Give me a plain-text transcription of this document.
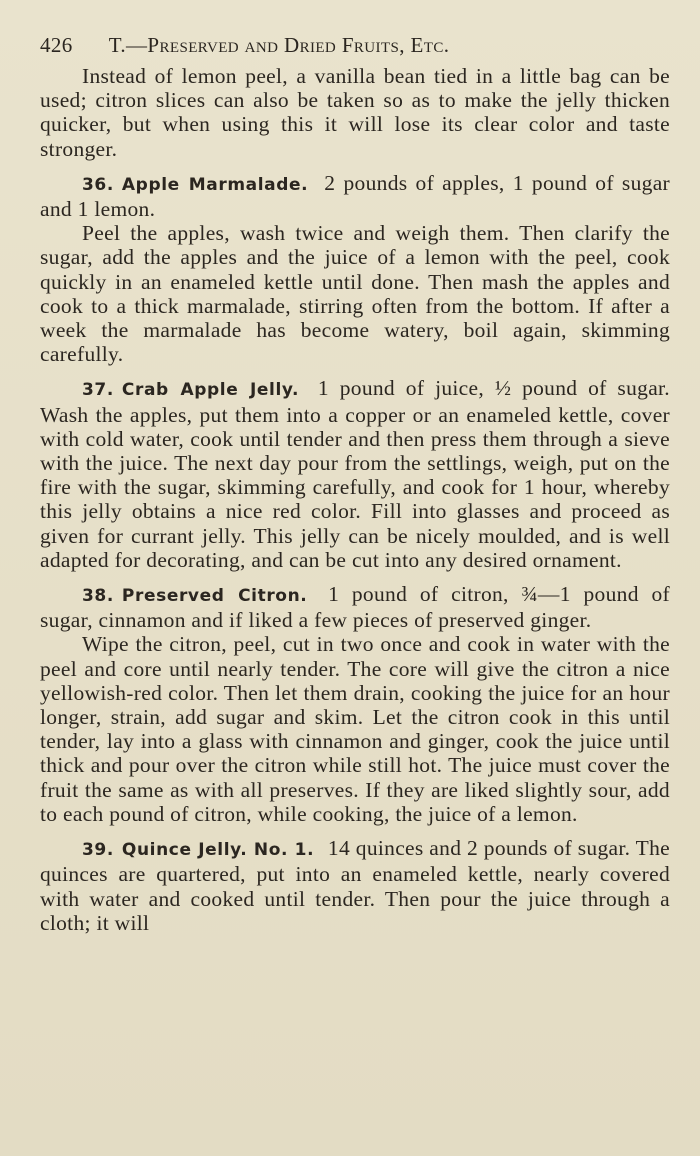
426 T.—Preserved and Dried Fruits, Etc.

Instead of lemon peel, a vanilla bean tied in a little bag can be used; citron slices can also be taken so as to make the jelly thicken quicker, but when using this it will lose its clear color and taste stronger.

36. Apple Marmalade. 2 pounds of apples, 1 pound of sugar and 1 lemon.

Peel the apples, wash twice and weigh them. Then clarify the sugar, add the apples and the juice of a lemon with the peel, cook quickly in an enameled kettle until done. Then mash the apples and cook to a thick marmalade, stirring often from the bottom. If after a week the marmalade has become watery, boil again, skimming carefully.

37. Crab Apple Jelly. 1 pound of juice, ½ pound of sugar. Wash the apples, put them into a copper or an enameled kettle, cover with cold water, cook until tender and then press them through a sieve with the juice. The next day pour from the settlings, weigh, put on the fire with the sugar, skimming carefully, and cook for 1 hour, whereby this jelly obtains a nice red color. Fill into glasses and proceed as given for currant jelly. This jelly can be nicely moulded, and is well adapted for decorating, and can be cut into any desired ornament.

38. Preserved Citron. 1 pound of citron, ¾—1 pound of sugar, cinnamon and if liked a few pieces of preserved ginger.

Wipe the citron, peel, cut in two once and cook in water with the peel and core until nearly tender. The core will give the citron a nice yellowish-red color. Then let them drain, cooking the juice for an hour longer, strain, add sugar and skim. Let the citron cook in this until tender, lay into a glass with cinnamon and ginger, cook the juice until thick and pour over the citron while still hot. The juice must cover the fruit the same as with all preserves. If they are liked slightly sour, add to each pound of citron, while cooking, the juice of a lemon.

39. Quince Jelly. No. 1. 14 quinces and 2 pounds of sugar. The quinces are quartered, put into an enameled kettle, nearly covered with water and cooked until tender. Then pour the juice through a cloth; it will
